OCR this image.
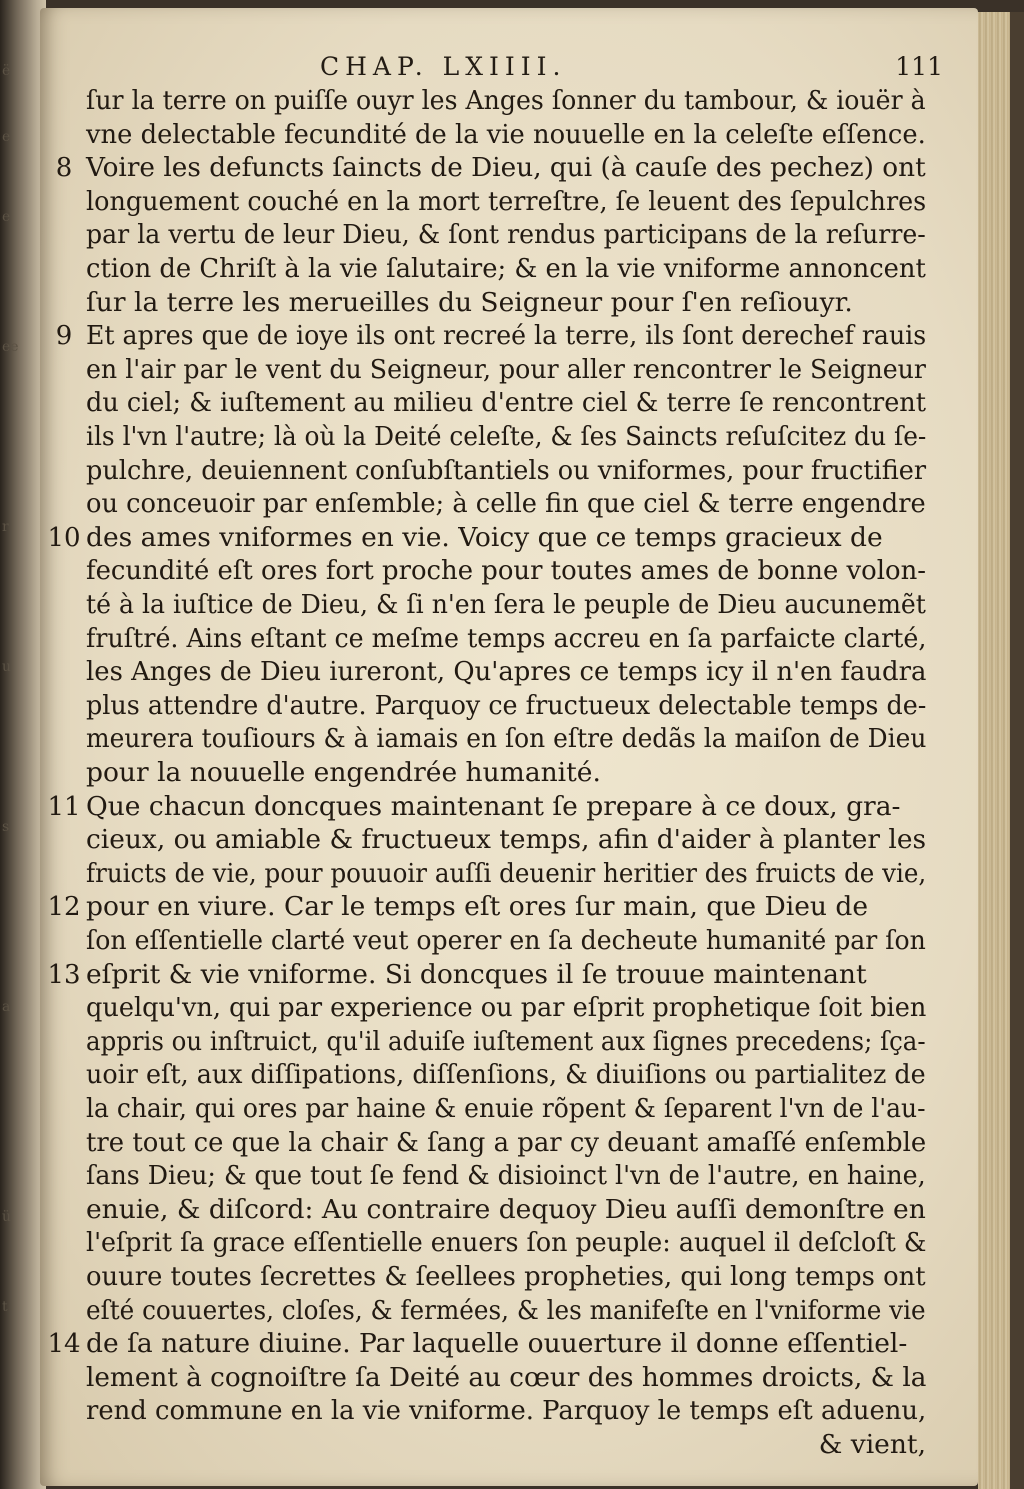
ë
e
e
ee
r
u
s
a
ü
t
CHAP. LXIIII.	111
ſur la terre on puiſſe ouyr les Anges ſonner du tambour, & iouër à
vne delectable fecundité de la vie nouuelle en la celeſte eſſence.
8 Voire les defuncts ſaincts de Dieu, qui (à cauſe des pechez) ont
longuement couché en la mort terreſtre, ſe leuent des ſepulchres
par la vertu de leur Dieu, & ſont rendus participans de la reſurre-
ction de Chriſt à la vie ſalutaire; & en la vie vniforme annoncent
ſur la terre les merueilles du Seigneur pour ſ'en reſiouyr.
9 Et apres que de ioye ils ont recreé la terre, ils ſont derechef rauis
en l'air par le vent du Seigneur, pour aller rencontrer le Seigneur
du ciel; & iuſtement au milieu d'entre ciel & terre ſe rencontrent
ils l'vn l'autre; là où la Deité celeſte, & ſes Saincts reſuſcitez du ſe-
pulchre, deuiennent conſubſtantiels ou vniformes, pour fructifier
ou conceuoir par enſemble; à celle fin que ciel & terre engendre
10 des ames vniformes en vie. Voicy que ce temps gracieux de
fecundité eſt ores fort proche pour toutes ames de bonne volon-
té à la iuſtice de Dieu, & ſi n'en ſera le peuple de Dieu aucunemẽt
fruſtré. Ains eſtant ce meſme temps accreu en ſa parfaicte clarté,
les Anges de Dieu iureront, Qu'apres ce temps icy il n'en faudra
plus attendre d'autre. Parquoy ce fructueux delectable temps de-
meurera touſiours & à iamais en ſon eſtre dedãs la maiſon de Dieu
pour la nouuelle engendrée humanité.
11 Que chacun doncques maintenant ſe prepare à ce doux, gra-
cieux, ou amiable & fructueux temps, afin d'aider à planter les
fruicts de vie, pour pouuoir auſſi deuenir heritier des fruicts de vie,
12 pour en viure. Car le temps eſt ores ſur main, que Dieu de
ſon eſſentielle clarté veut operer en ſa decheute humanité par ſon
13 eſprit & vie vniforme. Si doncques il ſe trouue maintenant
quelqu'vn, qui par experience ou par eſprit prophetique ſoit bien
appris ou inſtruict, qu'il aduiſe iuſtement aux ſignes precedens; ſça-
uoir eſt, aux diſſipations, diſſenſions, & diuiſions ou partialitez de
la chair, qui ores par haine & enuie rõpent & ſeparent l'vn de l'au-
tre tout ce que la chair & ſang a par cy deuant amaſſé enſemble
ſans Dieu; & que tout ſe fend & disioinct l'vn de l'autre, en haine,
enuie, & diſcord: Au contraire dequoy Dieu auſſi demonſtre en
l'eſprit ſa grace eſſentielle enuers ſon peuple: auquel il deſcloſt &
ouure toutes ſecrettes & ſeellees propheties, qui long temps ont
eſté couuertes, cloſes, & fermées, & les manifeſte en l'vniforme vie
14 de ſa nature diuine. Par laquelle ouuerture il donne eſſentiel-
lement à cognoiſtre ſa Deité au cœur des hommes droicts, & la
rend commune en la vie vniforme. Parquoy le temps eſt aduenu,
& vient,
